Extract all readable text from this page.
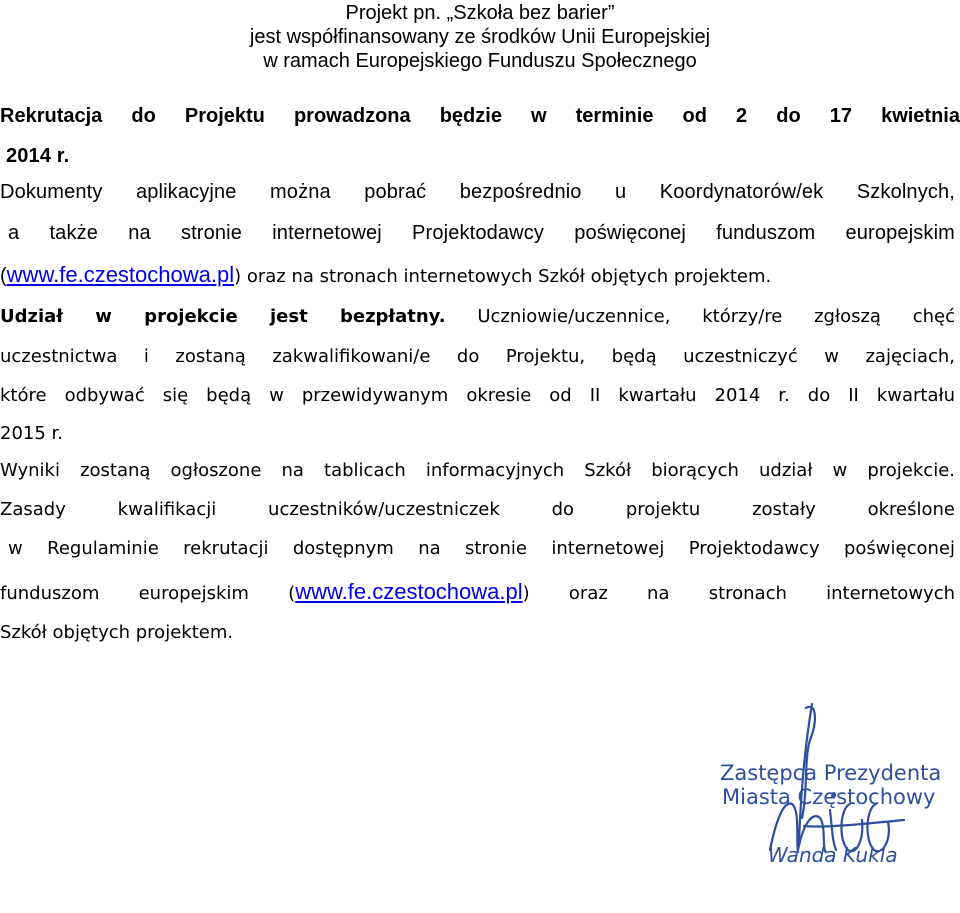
Projekt pn. „Szkoła bez barier”
jest współfinansowany ze środków Unii Europejskiej
w ramach Europejskiego Funduszu Społecznego
Rekrutacja do Projektu prowadzona będzie w terminie od 2 do 17 kwietnia
2014 r.
Dokumenty aplikacyjne można pobrać bezpośrednio u Koordynatorów/ek Szkolnych,
a także na stronie internetowej Projektodawcy poświęconej funduszom europejskim
(www.fe.czestochowa.pl) oraz na stronach internetowych Szkół objętych projektem.
Udział w projekcie jest bezpłatny. Uczniowie/uczennice, którzy/re zgłoszą chęć
uczestnictwa i zostaną zakwalifikowani/e do Projektu, będą uczestniczyć w zajęciach,
które odbywać się będą w przewidywanym okresie od II kwartału 2014 r. do II kwartału
2015 r.
Wyniki zostaną ogłoszone na tablicach informacyjnych Szkół biorących udział w projekcie.
Zasady kwalifikacji uczestników/uczestniczek do projektu zostały określone
w Regulaminie rekrutacji dostępnym na stronie internetowej Projektodawcy poświęconej
funduszom europejskim (www.fe.czestochowa.pl) oraz na stronach internetowych
Szkół objętych projektem.
Zastępca Prezydenta
Miasta Częstochowy
Wanda Kukla
